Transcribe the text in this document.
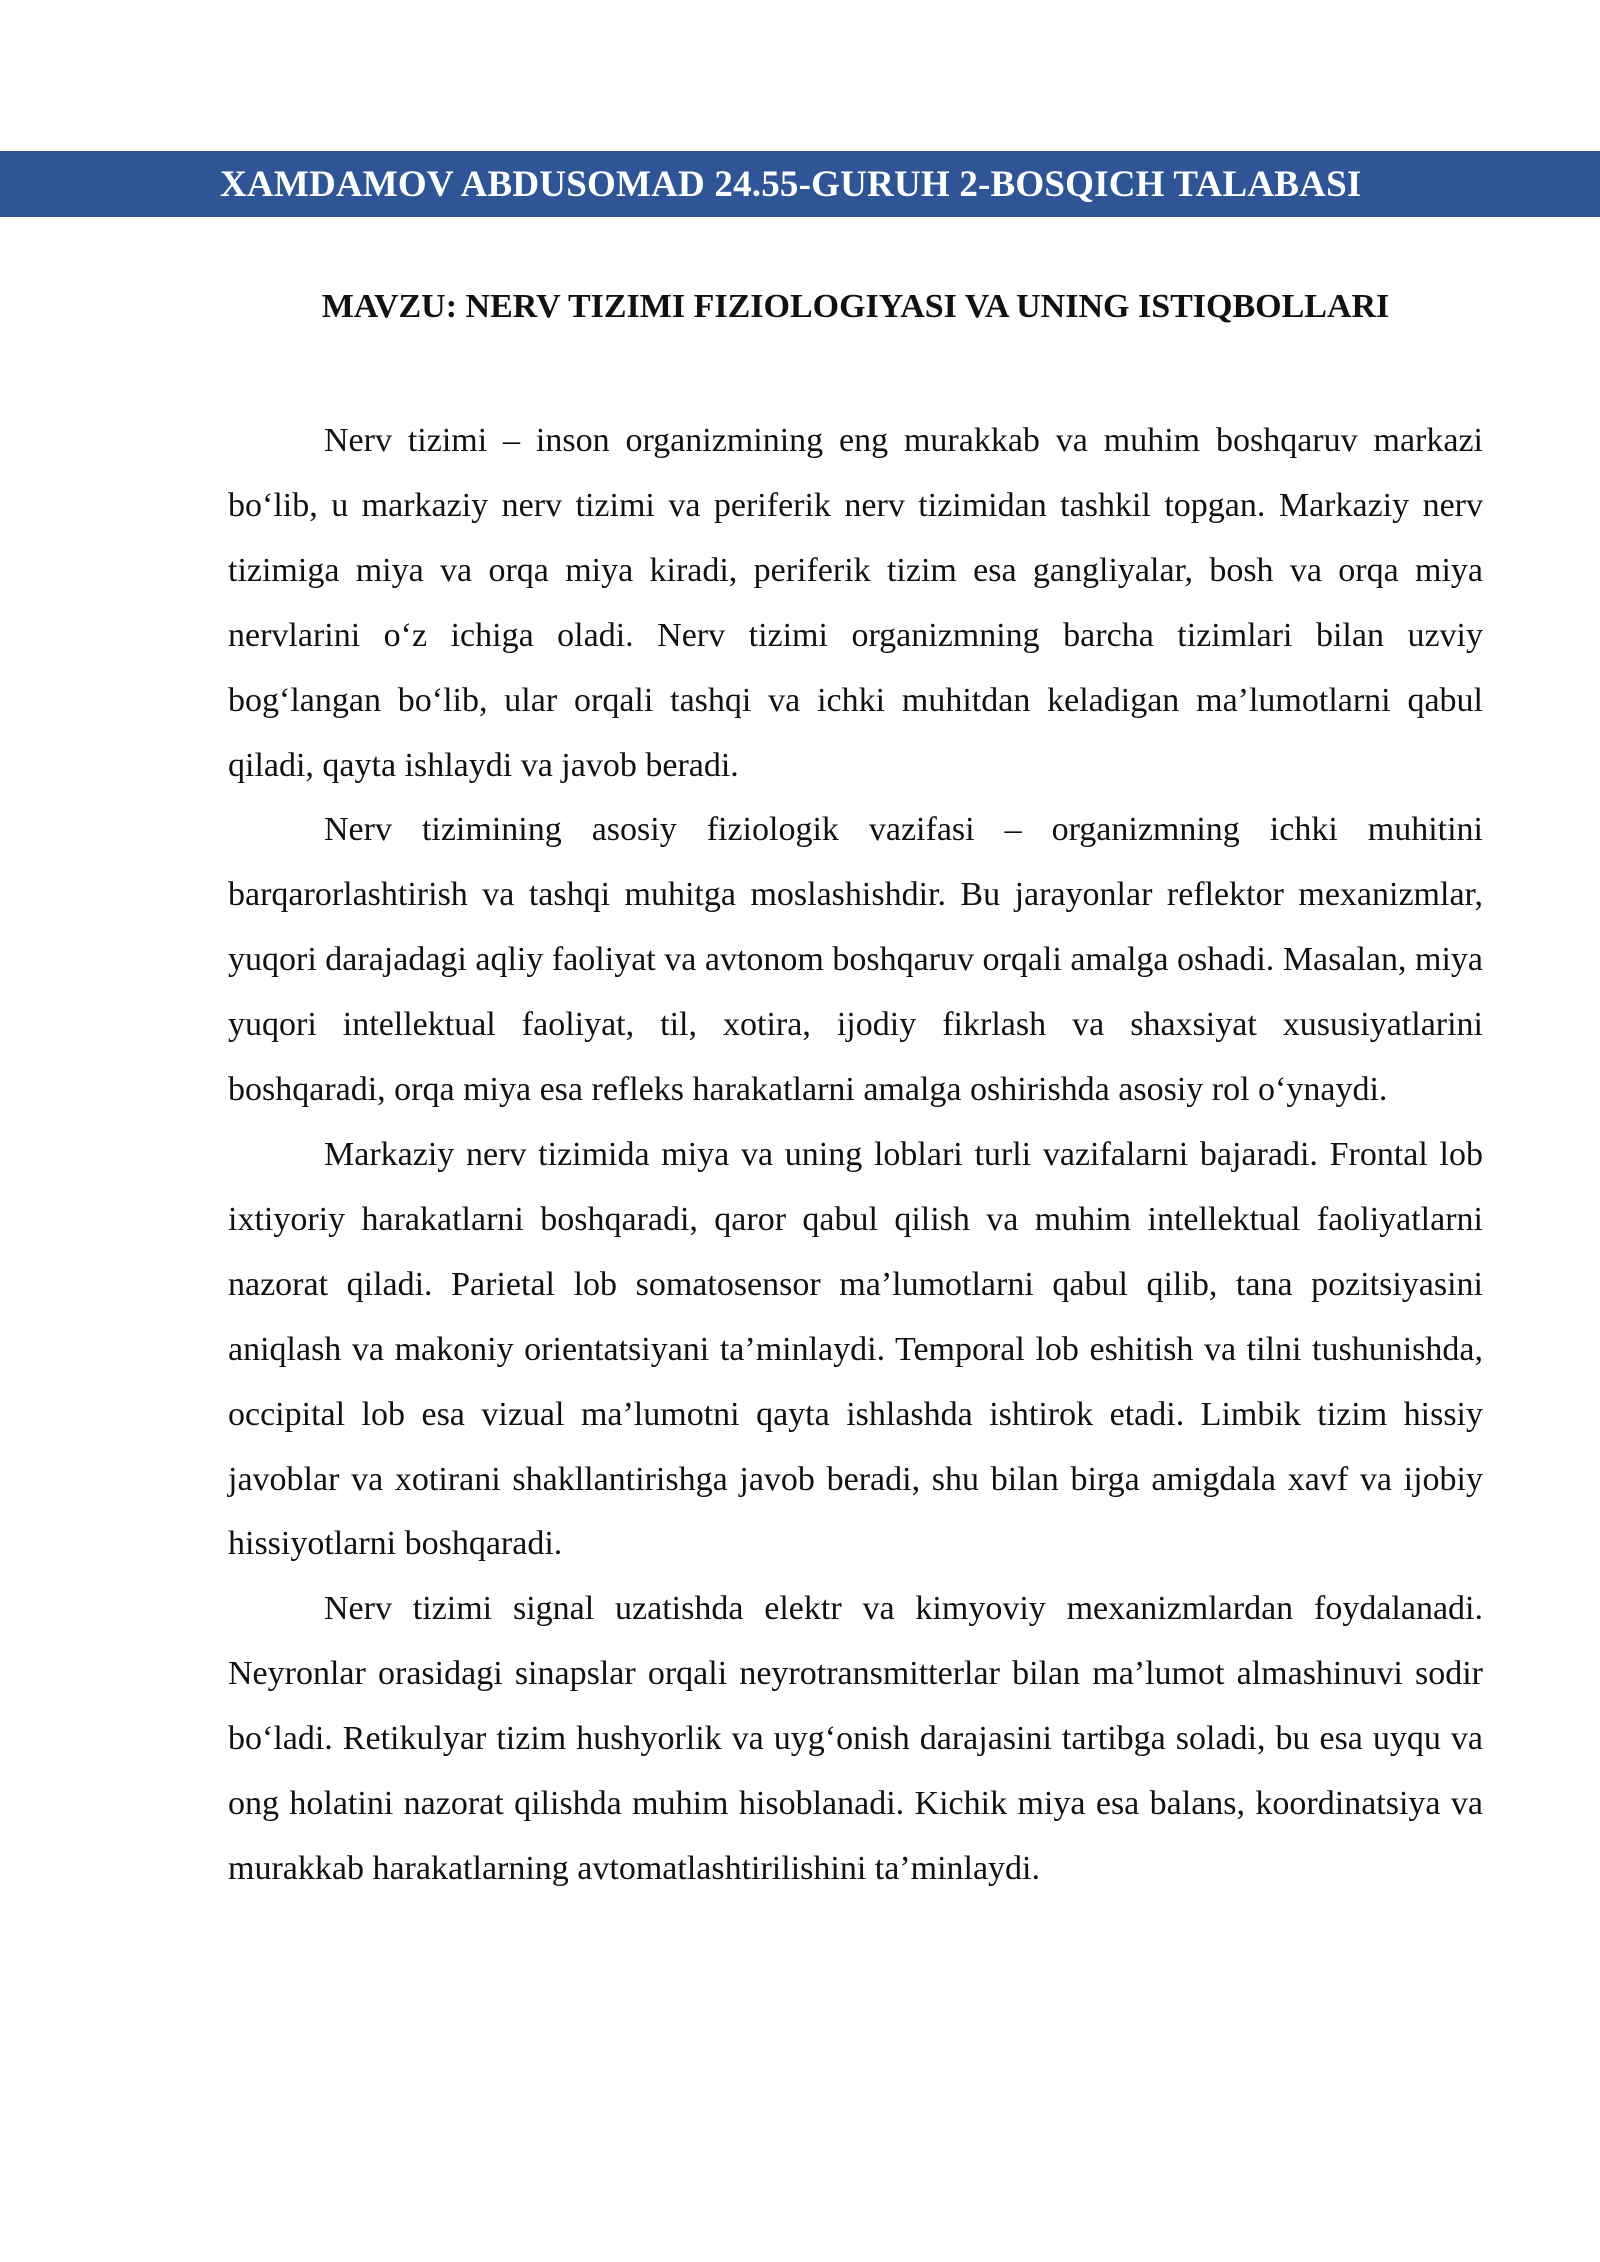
XAMDAMOV ABDUSOMAD 24.55-GURUH 2-BOSQICH TALABASI
MAVZU: NERV TIZIMI FIZIOLOGIYASI VA UNING ISTIQBOLLARI

Nerv tizimi – inson organizmining eng murakkab va muhim boshqaruv markazi bo‘lib, u markaziy nerv tizimi va periferik nerv tizimidan tashkil topgan. Markaziy nerv tizimiga miya va orqa miya kiradi, periferik tizim esa gangliyalar, bosh va orqa miya nervlarini o‘z ichiga oladi. Nerv tizimi organizmning barcha tizimlari bilan uzviy bog‘langan bo‘lib, ular orqali tashqi va ichki muhitdan keladigan ma’lumotlarni qabul qiladi, qayta ishlaydi va javob beradi.

Nerv tizimining asosiy fiziologik vazifasi – organizmning ichki muhitini barqarorlashtirish va tashqi muhitga moslashishdir. Bu jarayonlar reflektor mexanizmlar, yuqori darajadagi aqliy faoliyat va avtonom boshqaruv orqali amalga oshadi. Masalan, miya yuqori intellektual faoliyat, til, xotira, ijodiy fikrlash va shaxsiyat xususiyatlarini boshqaradi, orqa miya esa refleks harakatlarni amalga oshirishda asosiy rol o‘ynaydi.

Markaziy nerv tizimida miya va uning loblari turli vazifalarni bajaradi. Frontal lob ixtiyoriy harakatlarni boshqaradi, qaror qabul qilish va muhim intellektual faoliyatlarni nazorat qiladi. Parietal lob somatosensor ma’lumotlarni qabul qilib, tana pozitsiyasini aniqlash va makoniy orientatsiyani ta’minlaydi. Temporal lob eshitish va tilni tushunishda, occipital lob esa vizual ma’lumotni qayta ishlashda ishtirok etadi. Limbik tizim hissiy javoblar va xotirani shakllantirishga javob beradi, shu bilan birga amigdala xavf va ijobiy hissiyotlarni boshqaradi.

Nerv tizimi signal uzatishda elektr va kimyoviy mexanizmlardan foydalanadi. Neyronlar orasidagi sinapslar orqali neyrotransmitterlar bilan ma’lumot almashinuvi sodir bo‘ladi. Retikulyar tizim hushyorlik va uyg‘onish darajasini tartibga soladi, bu esa uyqu va ong holatini nazorat qilishda muhim hisoblanadi. Kichik miya esa balans, koordinatsiya va murakkab harakatlarning avtomatlashtirilishini ta’minlaydi.
